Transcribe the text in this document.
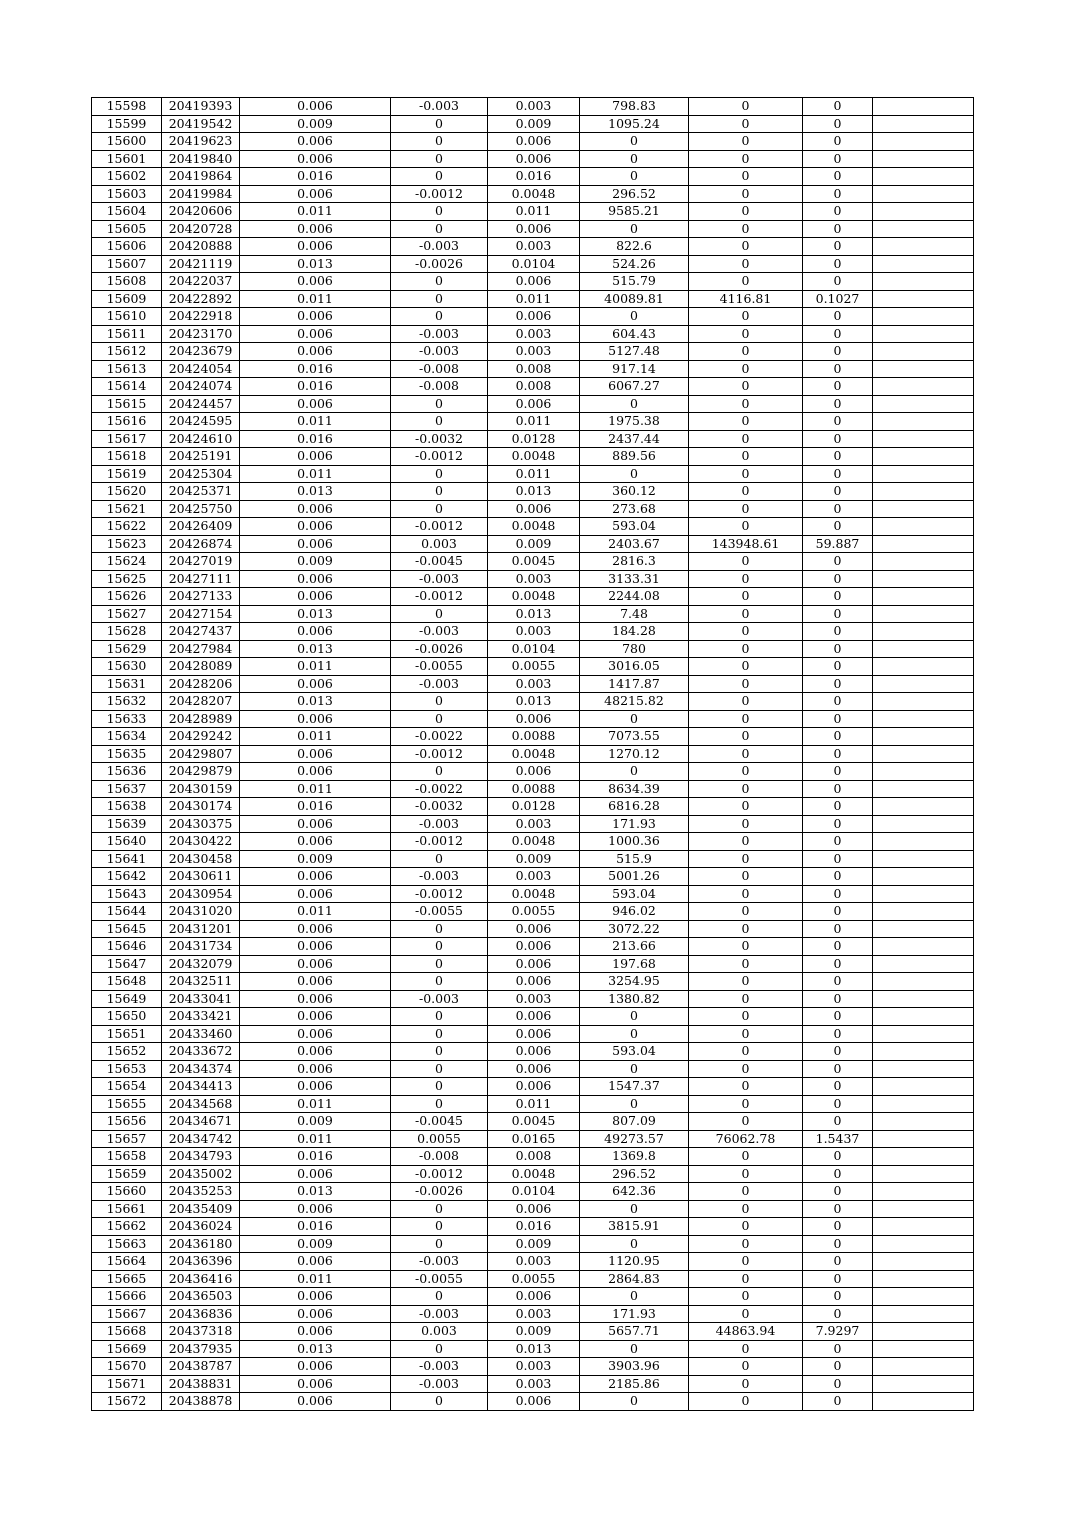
15598	20419393	0.006	-0.003	0.003	798.83	0	0	
15599	20419542	0.009	0	0.009	1095.24	0	0	
15600	20419623	0.006	0	0.006	0	0	0	
15601	20419840	0.006	0	0.006	0	0	0	
15602	20419864	0.016	0	0.016	0	0	0	
15603	20419984	0.006	-0.0012	0.0048	296.52	0	0	
15604	20420606	0.011	0	0.011	9585.21	0	0	
15605	20420728	0.006	0	0.006	0	0	0	
15606	20420888	0.006	-0.003	0.003	822.6	0	0	
15607	20421119	0.013	-0.0026	0.0104	524.26	0	0	
15608	20422037	0.006	0	0.006	515.79	0	0	
15609	20422892	0.011	0	0.011	40089.81	4116.81	0.1027	
15610	20422918	0.006	0	0.006	0	0	0	
15611	20423170	0.006	-0.003	0.003	604.43	0	0	
15612	20423679	0.006	-0.003	0.003	5127.48	0	0	
15613	20424054	0.016	-0.008	0.008	917.14	0	0	
15614	20424074	0.016	-0.008	0.008	6067.27	0	0	
15615	20424457	0.006	0	0.006	0	0	0	
15616	20424595	0.011	0	0.011	1975.38	0	0	
15617	20424610	0.016	-0.0032	0.0128	2437.44	0	0	
15618	20425191	0.006	-0.0012	0.0048	889.56	0	0	
15619	20425304	0.011	0	0.011	0	0	0	
15620	20425371	0.013	0	0.013	360.12	0	0	
15621	20425750	0.006	0	0.006	273.68	0	0	
15622	20426409	0.006	-0.0012	0.0048	593.04	0	0	
15623	20426874	0.006	0.003	0.009	2403.67	143948.61	59.887	
15624	20427019	0.009	-0.0045	0.0045	2816.3	0	0	
15625	20427111	0.006	-0.003	0.003	3133.31	0	0	
15626	20427133	0.006	-0.0012	0.0048	2244.08	0	0	
15627	20427154	0.013	0	0.013	7.48	0	0	
15628	20427437	0.006	-0.003	0.003	184.28	0	0	
15629	20427984	0.013	-0.0026	0.0104	780	0	0	
15630	20428089	0.011	-0.0055	0.0055	3016.05	0	0	
15631	20428206	0.006	-0.003	0.003	1417.87	0	0	
15632	20428207	0.013	0	0.013	48215.82	0	0	
15633	20428989	0.006	0	0.006	0	0	0	
15634	20429242	0.011	-0.0022	0.0088	7073.55	0	0	
15635	20429807	0.006	-0.0012	0.0048	1270.12	0	0	
15636	20429879	0.006	0	0.006	0	0	0	
15637	20430159	0.011	-0.0022	0.0088	8634.39	0	0	
15638	20430174	0.016	-0.0032	0.0128	6816.28	0	0	
15639	20430375	0.006	-0.003	0.003	171.93	0	0	
15640	20430422	0.006	-0.0012	0.0048	1000.36	0	0	
15641	20430458	0.009	0	0.009	515.9	0	0	
15642	20430611	0.006	-0.003	0.003	5001.26	0	0	
15643	20430954	0.006	-0.0012	0.0048	593.04	0	0	
15644	20431020	0.011	-0.0055	0.0055	946.02	0	0	
15645	20431201	0.006	0	0.006	3072.22	0	0	
15646	20431734	0.006	0	0.006	213.66	0	0	
15647	20432079	0.006	0	0.006	197.68	0	0	
15648	20432511	0.006	0	0.006	3254.95	0	0	
15649	20433041	0.006	-0.003	0.003	1380.82	0	0	
15650	20433421	0.006	0	0.006	0	0	0	
15651	20433460	0.006	0	0.006	0	0	0	
15652	20433672	0.006	0	0.006	593.04	0	0	
15653	20434374	0.006	0	0.006	0	0	0	
15654	20434413	0.006	0	0.006	1547.37	0	0	
15655	20434568	0.011	0	0.011	0	0	0	
15656	20434671	0.009	-0.0045	0.0045	807.09	0	0	
15657	20434742	0.011	0.0055	0.0165	49273.57	76062.78	1.5437	
15658	20434793	0.016	-0.008	0.008	1369.8	0	0	
15659	20435002	0.006	-0.0012	0.0048	296.52	0	0	
15660	20435253	0.013	-0.0026	0.0104	642.36	0	0	
15661	20435409	0.006	0	0.006	0	0	0	
15662	20436024	0.016	0	0.016	3815.91	0	0	
15663	20436180	0.009	0	0.009	0	0	0	
15664	20436396	0.006	-0.003	0.003	1120.95	0	0	
15665	20436416	0.011	-0.0055	0.0055	2864.83	0	0	
15666	20436503	0.006	0	0.006	0	0	0	
15667	20436836	0.006	-0.003	0.003	171.93	0	0	
15668	20437318	0.006	0.003	0.009	5657.71	44863.94	7.9297	
15669	20437935	0.013	0	0.013	0	0	0	
15670	20438787	0.006	-0.003	0.003	3903.96	0	0	
15671	20438831	0.006	-0.003	0.003	2185.86	0	0	
15672	20438878	0.006	0	0.006	0	0	0	
